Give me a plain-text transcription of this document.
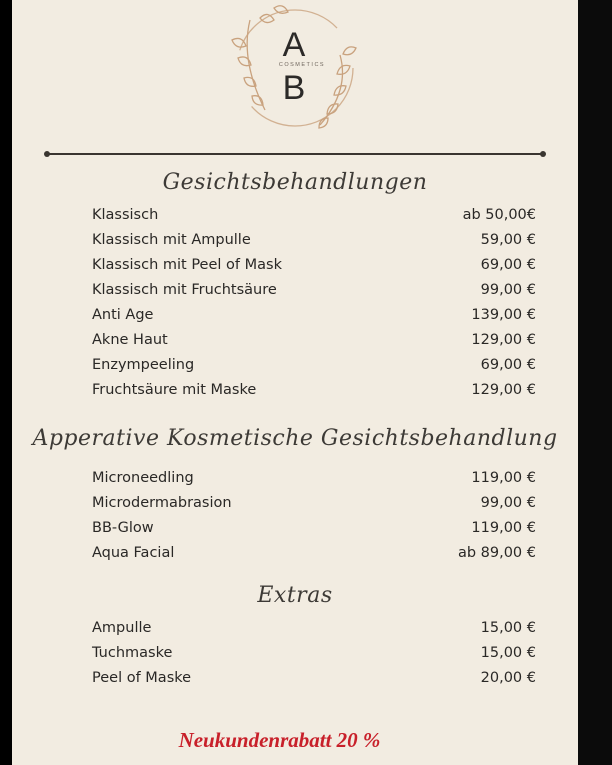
A
COSMETICS
B
Gesichtsbehandlungen
Klassisch	ab 50,00€
Klassisch mit Ampulle	59,00 €
Klassisch mit Peel of Mask	69,00 €
Klassisch mit Fruchtsäure	99,00 €
Anti Age	139,00 €
Akne Haut	129,00 €
Enzympeeling	69,00 €
Fruchtsäure mit Maske	129,00 €
Apperative Kosmetische Gesichtsbehandlung
Microneedling	119,00 €
Microdermabrasion	99,00 €
BB-Glow	119,00 €
Aqua Facial	ab 89,00 €
Extras
Ampulle	15,00 €
Tuchmaske	15,00 €
Peel of Maske	20,00 €
Neukundenrabatt 20 %
